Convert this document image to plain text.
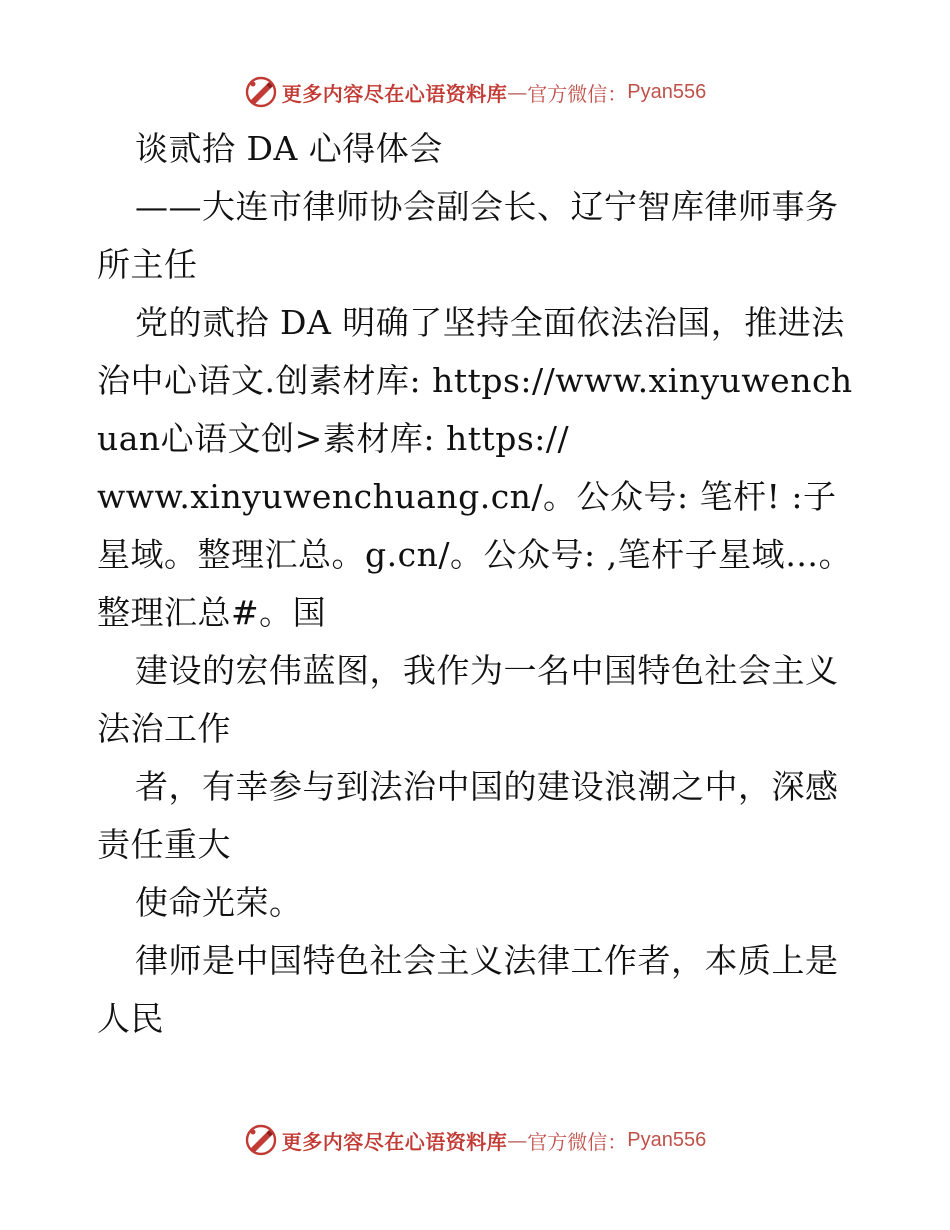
更多内容尽在心语资料库 — 官方微信： Pyan556

谈贰拾 DA 心得体会

——大连市律师协会副会长、辽宁智库律师事务所主任

党的贰拾 DA 明确了坚持全面依法治国，推进法治中心语文.创素材库: https://www.xinyuwenchuan心语文创>素材库: https://

www.xinyuwenchuang.cn/。公众号: 笔杆! :子星域。整理汇总。g.cn/。公众号: ,笔杆子星域…。整理汇总#。国

建设的宏伟蓝图，我作为一名中国特色社会主义法治工作

者，有幸参与到法治中国的建设浪潮之中，深感责任重大

使命光荣。

律师是中国特色社会主义法律工作者，本质上是人民

更多内容尽在心语资料库 — 官方微信： Pyan556
